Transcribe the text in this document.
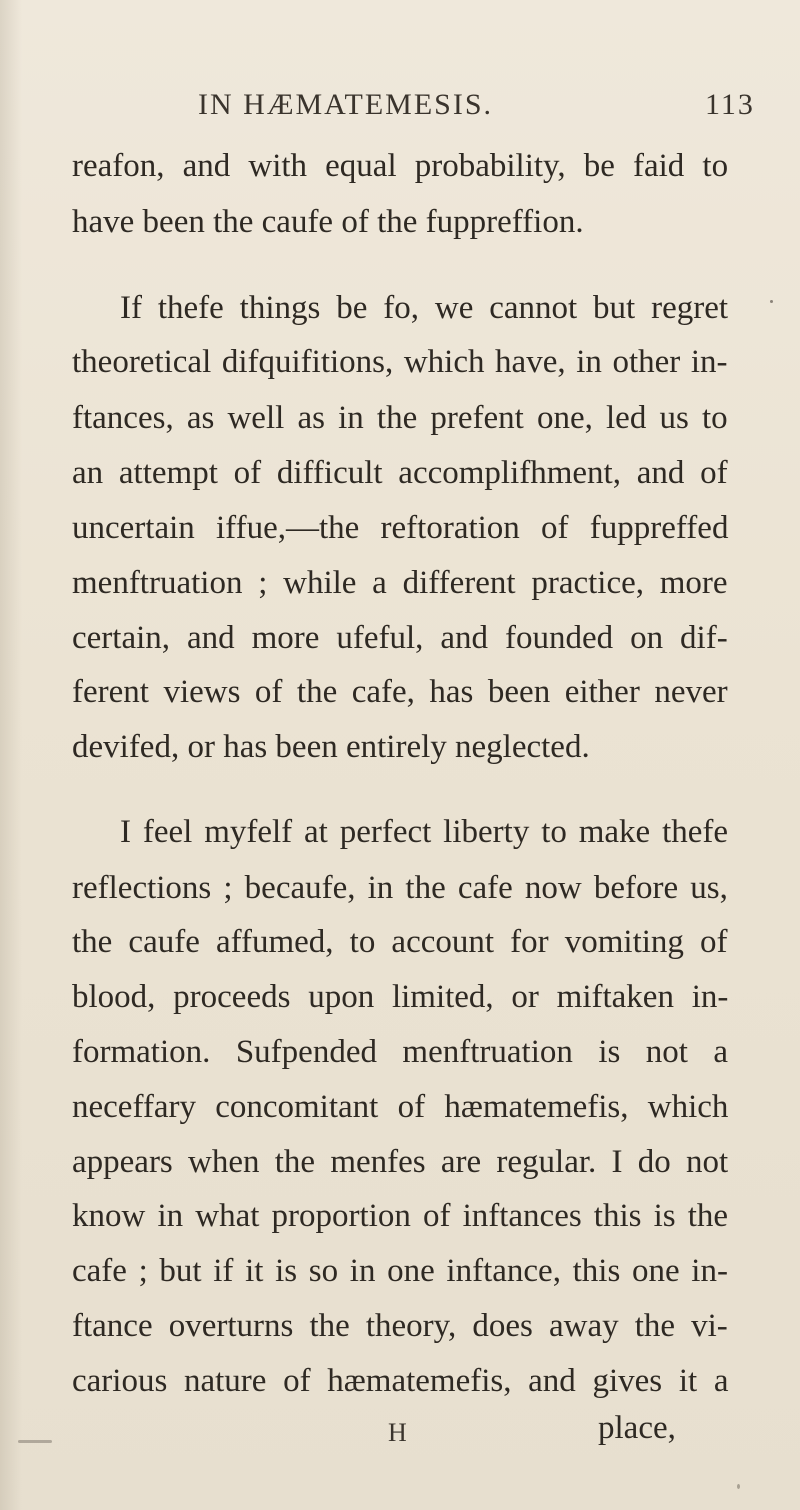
IN HÆMATEMESIS.	113
reafon, and with equal probability, be faid to
have been the caufe of the fuppreffion.
If thefe things be fo, we cannot but regret
theoretical difquifitions, which have, in other in-
ftances, as well as in the prefent one, led us to
an attempt of difficult accomplifhment, and of
uncertain iffue,—the reftoration of fuppreffed
menftruation ; while a different practice, more
certain, and more ufeful, and founded on dif-
ferent views of the cafe, has been either never
devifed, or has been entirely neglected.
I feel myfelf at perfect liberty to make thefe
reflections ; becaufe, in the cafe now before us,
the caufe affumed, to account for vomiting of
blood, proceeds upon limited, or miftaken in-
formation. Sufpended menftruation is not a
neceffary concomitant of hæmatemefis, which
appears when the menfes are regular. I do not
know in what proportion of inftances this is the
cafe ; but if it is so in one inftance, this one in-
ftance overturns the theory, does away the vi-
carious nature of hæmatemefis, and gives it a
H	place,
